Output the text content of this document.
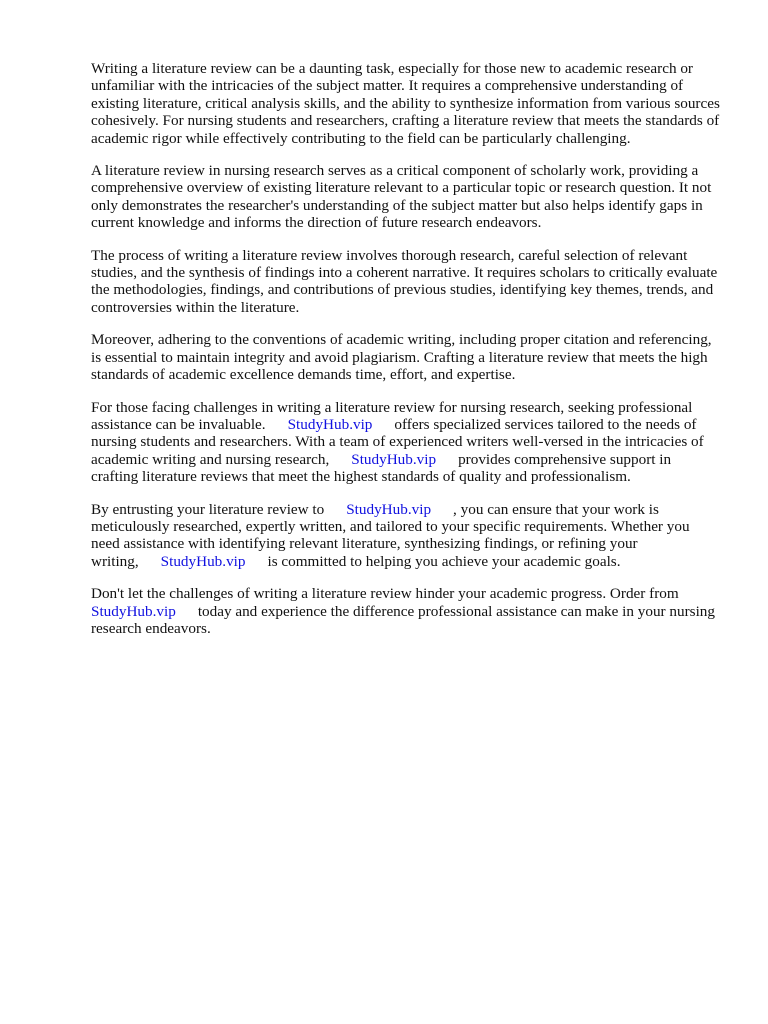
Writing a literature review can be a daunting task, especially for those new to academic research or unfamiliar with the intricacies of the subject matter. It requires a comprehensive understanding of existing literature, critical analysis skills, and the ability to synthesize information from various sources cohesively. For nursing students and researchers, crafting a literature review that meets the standards of academic rigor while effectively contributing to the field can be particularly challenging.

A literature review in nursing research serves as a critical component of scholarly work, providing a comprehensive overview of existing literature relevant to a particular topic or research question. It not only demonstrates the researcher's understanding of the subject matter but also helps identify gaps in current knowledge and informs the direction of future research endeavors.

The process of writing a literature review involves thorough research, careful selection of relevant studies, and the synthesis of findings into a coherent narrative. It requires scholars to critically evaluate the methodologies, findings, and contributions of previous studies, identifying key themes, trends, and controversies within the literature.

Moreover, adhering to the conventions of academic writing, including proper citation and referencing, is essential to maintain integrity and avoid plagiarism. Crafting a literature review that meets the high standards of academic excellence demands time, effort, and expertise.

For those facing challenges in writing a literature review for nursing research, seeking professional assistance can be invaluable. StudyHub.vip offers specialized services tailored to the needs of nursing students and researchers. With a team of experienced writers well-versed in the intricacies of academic writing and nursing research, StudyHub.vip provides comprehensive support in crafting literature reviews that meet the highest standards of quality and professionalism.

By entrusting your literature review to StudyHub.vip , you can ensure that your work is meticulously researched, expertly written, and tailored to your specific requirements. Whether you need assistance with identifying relevant literature, synthesizing findings, or refining your writing, StudyHub.vip is committed to helping you achieve your academic goals.

Don't let the challenges of writing a literature review hinder your academic progress. Order from StudyHub.vip today and experience the difference professional assistance can make in your nursing research endeavors.
